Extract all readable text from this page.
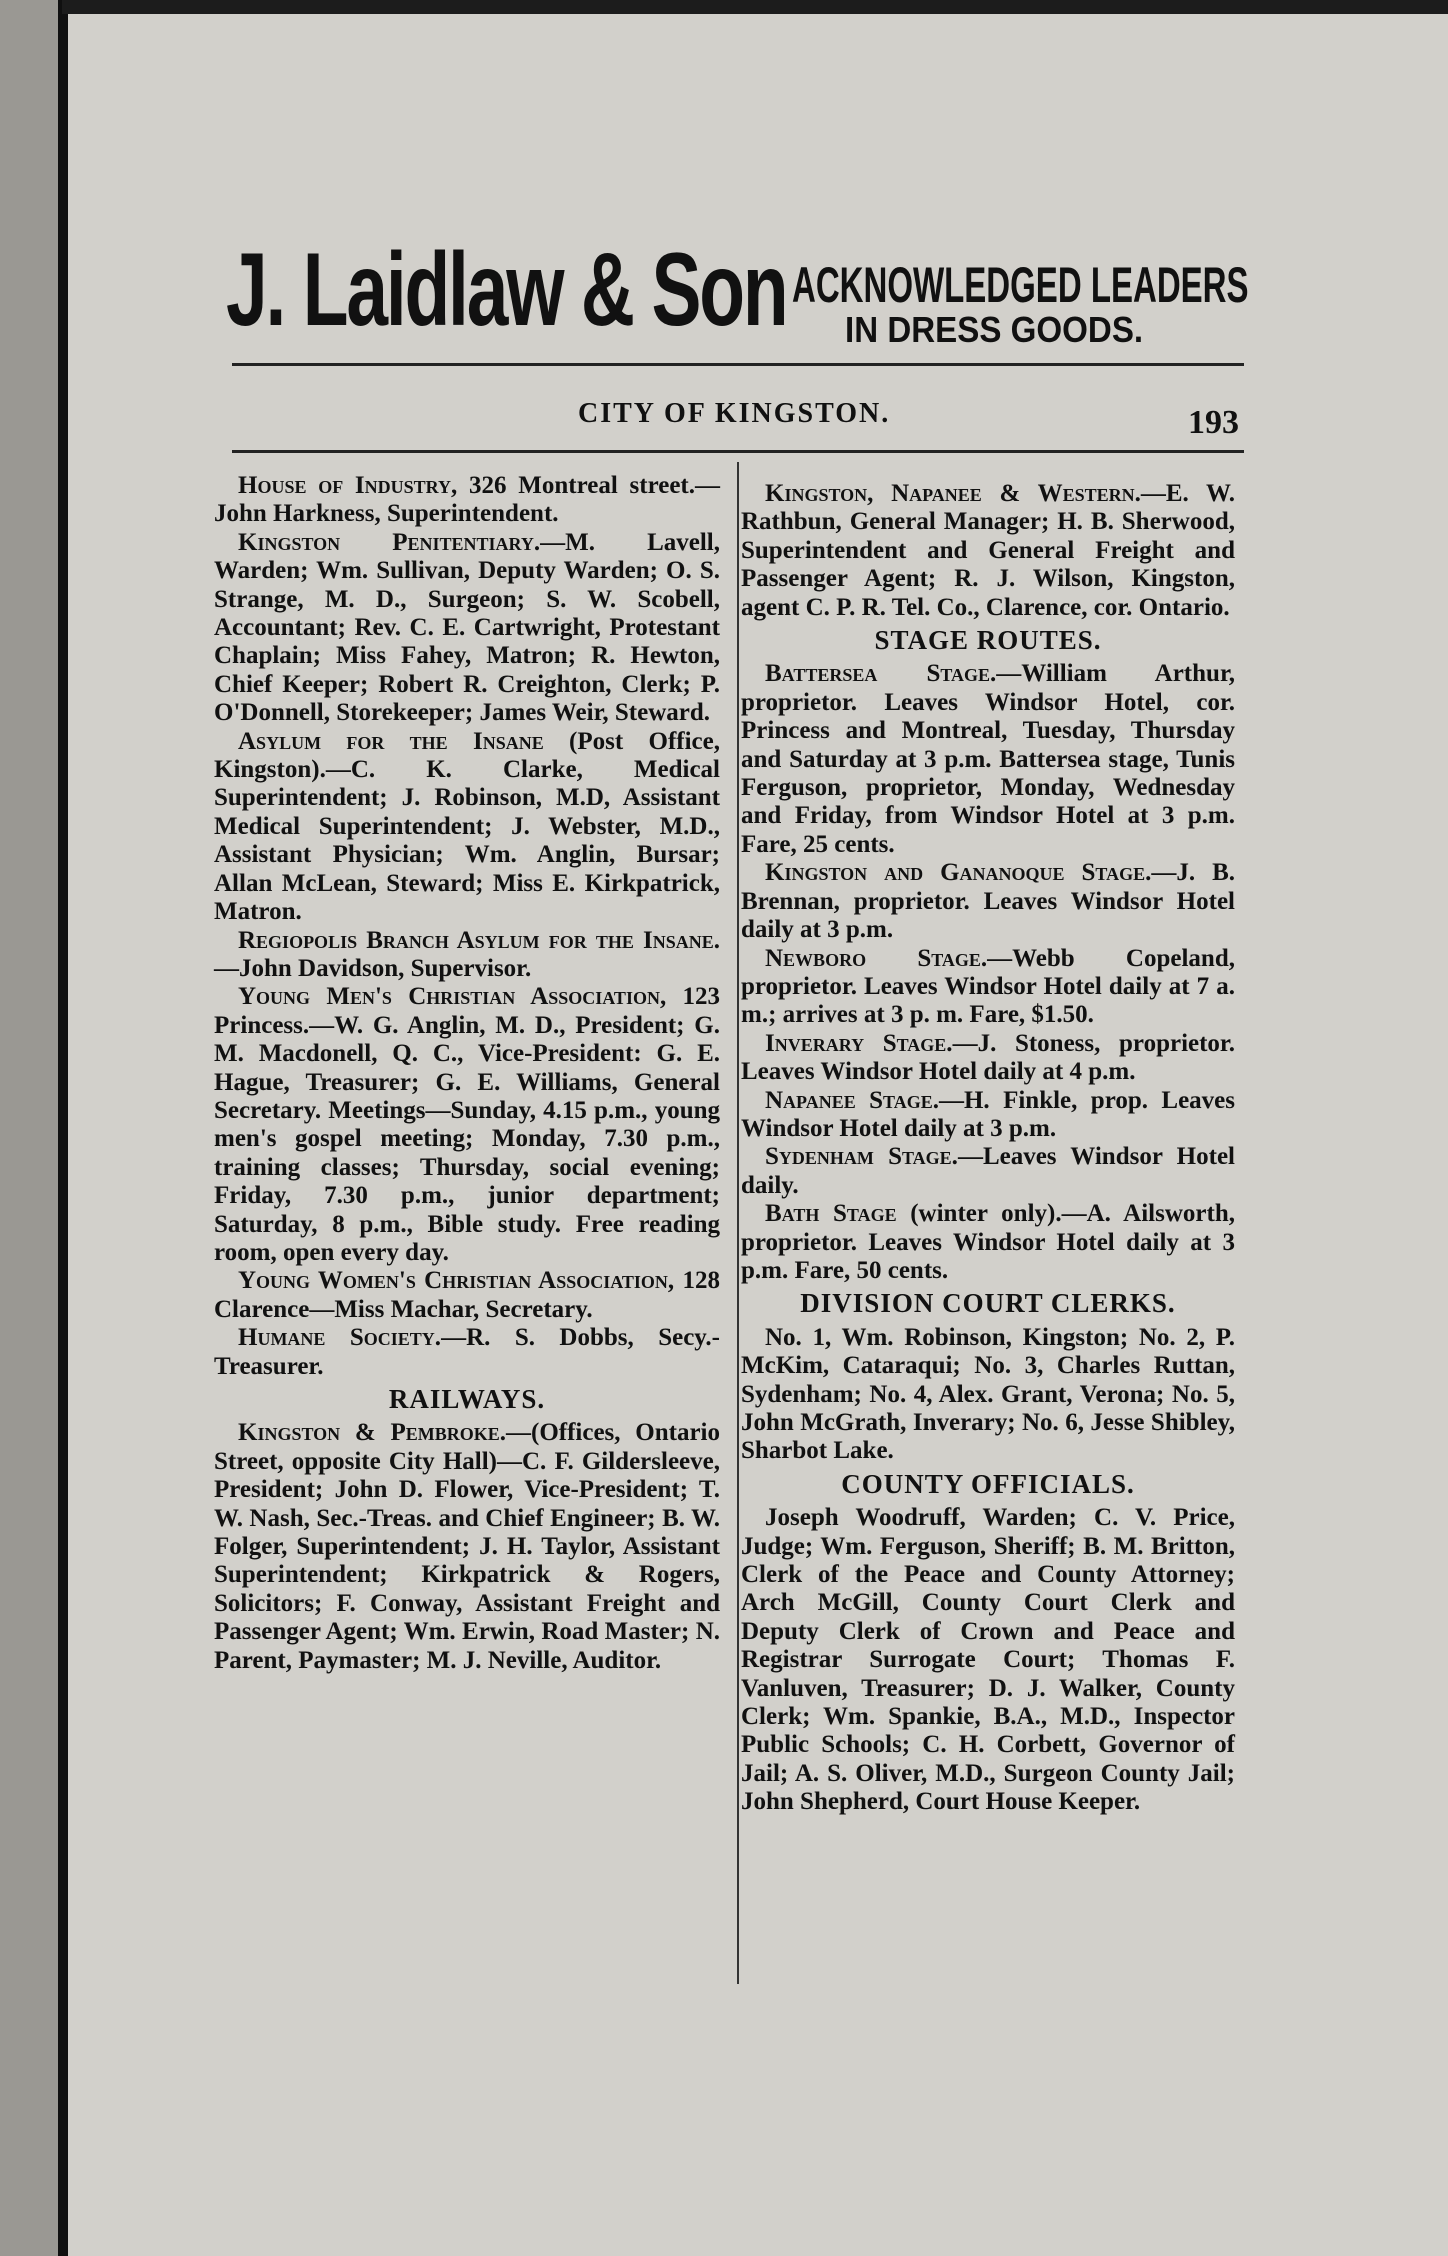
J. Laidlaw & Son ACKNOWLEDGED LEADERS
IN DRESS GOODS.
CITY OF KINGSTON.	193

House of Industry, 326 Montreal street.—John Harkness, Superintendent.

Kingston Penitentiary.—M. Lavell, Warden; Wm. Sullivan, Deputy Warden; O. S. Strange, M. D., Surgeon; S. W. Scobell, Accountant; Rev. C. E. Cartwright, Protestant Chaplain; Miss Fahey, Matron; R. Hewton, Chief Keeper; Robert R. Creighton, Clerk; P. O'Donnell, Storekeeper; James Weir, Steward.

Asylum for the Insane (Post Office, Kingston).—C. K. Clarke, Medical Superintendent; J. Robinson, M.D, Assistant Medical Superintendent; J. Webster, M.D., Assistant Physician; Wm. Anglin, Bursar; Allan McLean, Steward; Miss E. Kirkpatrick, Matron.

Regiopolis Branch Asylum for the Insane.—John Davidson, Supervisor.

Young Men's Christian Association, 123 Princess.—W. G. Anglin, M. D., President; G. M. Macdonell, Q. C., Vice-President: G. E. Hague, Treasurer; G. E. Williams, General Secretary. Meetings—Sunday, 4.15 p.m., young men's gospel meeting; Monday, 7.30 p.m., training classes; Thursday, social evening; Friday, 7.30 p.m., junior department; Saturday, 8 p.m., Bible study. Free reading room, open every day.

Young Women's Christian Association, 128 Clarence—Miss Machar, Secretary.

Humane Society.—R. S. Dobbs, Secy.-Treasurer.

RAILWAYS.

Kingston & Pembroke.—(Offices, Ontario Street, opposite City Hall)—C. F. Gildersleeve, President; John D. Flower, Vice-President; T. W. Nash, Sec.-Treas. and Chief Engineer; B. W. Folger, Superintendent; J. H. Taylor, Assistant Superintendent; Kirkpatrick & Rogers, Solicitors; F. Conway, Assistant Freight and Passenger Agent; Wm. Erwin, Road Master; N. Parent, Paymaster; M. J. Neville, Auditor.

Kingston, Napanee & Western.—E. W. Rathbun, General Manager; H. B. Sherwood, Superintendent and General Freight and Passenger Agent; R. J. Wilson, Kingston, agent C. P. R. Tel. Co., Clarence, cor. Ontario.

STAGE ROUTES.

Battersea Stage.—William Arthur, proprietor. Leaves Windsor Hotel, cor. Princess and Montreal, Tuesday, Thursday and Saturday at 3 p.m. Battersea stage, Tunis Ferguson, proprietor, Monday, Wednesday and Friday, from Windsor Hotel at 3 p.m. Fare, 25 cents.

Kingston and Gananoque Stage.—J. B. Brennan, proprietor. Leaves Windsor Hotel daily at 3 p.m.

Newboro Stage.—Webb Copeland, proprietor. Leaves Windsor Hotel daily at 7 a. m.; arrives at 3 p. m. Fare, $1.50.

Inverary Stage.—J. Stoness, proprietor. Leaves Windsor Hotel daily at 4 p.m.

Napanee Stage.—H. Finkle, prop. Leaves Windsor Hotel daily at 3 p.m.

Sydenham Stage.—Leaves Windsor Hotel daily.

Bath Stage (winter only).—A. Ailsworth, proprietor. Leaves Windsor Hotel daily at 3 p.m. Fare, 50 cents.

DIVISION COURT CLERKS.

No. 1, Wm. Robinson, Kingston; No. 2, P. McKim, Cataraqui; No. 3, Charles Ruttan, Sydenham; No. 4, Alex. Grant, Verona; No. 5, John McGrath, Inverary; No. 6, Jesse Shibley, Sharbot Lake.

COUNTY OFFICIALS.

Joseph Woodruff, Warden; C. V. Price, Judge; Wm. Ferguson, Sheriff; B. M. Britton, Clerk of the Peace and County Attorney; Arch McGill, County Court Clerk and Deputy Clerk of Crown and Peace and Registrar Surrogate Court; Thomas F. Vanluven, Treasurer; D. J. Walker, County Clerk; Wm. Spankie, B.A., M.D., Inspector Public Schools; C. H. Corbett, Governor of Jail; A. S. Oliver, M.D., Surgeon County Jail; John Shepherd, Court House Keeper.
